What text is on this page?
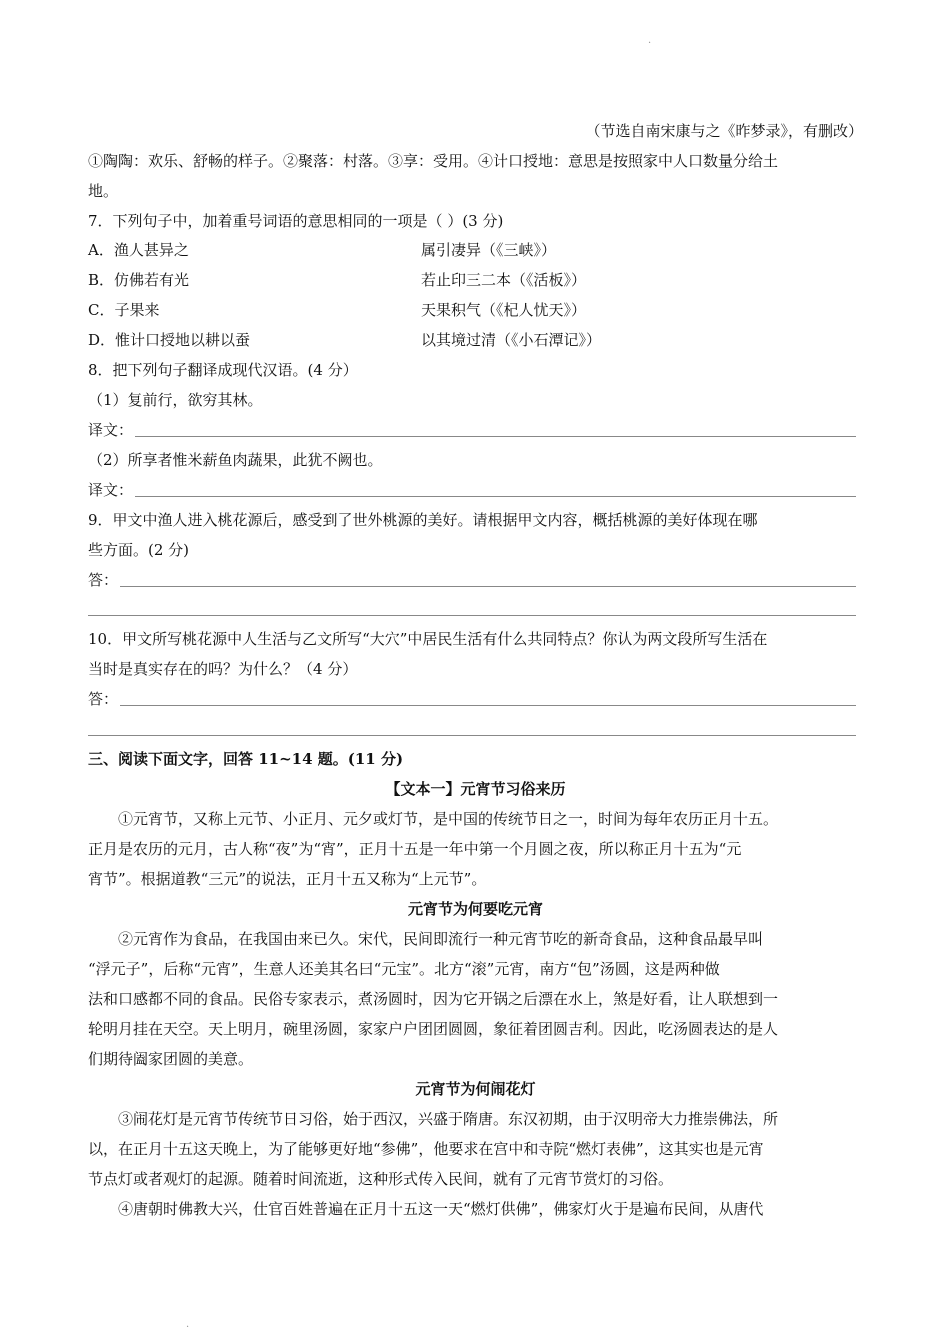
·
（节选自南宋康与之《昨梦录》，有删改）
①陶陶：欢乐、舒畅的样子。②聚落：村落。③享：受用。④计口授地：意思是按照家中人口数量分给土
地。
7．下列句子中，加着重号词语的意思相同的一项是（ ）(3 分)
A．渔人甚异之	属引凄异（《三峡》）
B．仿佛若有光	若止印三二本（《活板》）
C．子果来	天果积气（《杞人忧天》）
D．惟计口授地以耕以蚕	以其境过清（《小石潭记》）
8．把下列句子翻译成现代汉语。(4 分）
（1）复前行，欲穷其林。
译文：
（2）所享者惟米薪鱼肉蔬果，此犹不阙也。
译文：
9．甲文中渔人进入桃花源后，感受到了世外桃源的美好。请根据甲文内容，概括桃源的美好体现在哪
些方面。(2 分)
答：
10．甲文所写桃花源中人生活与乙文所写“大穴”中居民生活有什么共同特点？你认为两文段所写生活在
当时是真实存在的吗？为什么？（4 分）
答：
三、阅读下面文字，回答 11~14 题。(11 分)
【文本一】元宵节习俗来历
①元宵节，又称上元节、小正月、元夕或灯节，是中国的传统节日之一，时间为每年农历正月十五。
正月是农历的元月，古人称“夜”为“宵”，正月十五是一年中第一个月圆之夜，所以称正月十五为“元
宵节”。根据道教“三元”的说法，正月十五又称为“上元节”。
元宵节为何要吃元宵
②元宵作为食品，在我国由来已久。宋代，民间即流行一种元宵节吃的新奇食品，这种食品最早叫
“浮元子”，后称“元宵”，生意人还美其名曰“元宝”。北方“滚”元宵，南方“包”汤圆，这是两种做
法和口感都不同的食品。民俗专家表示，煮汤圆时，因为它开锅之后漂在水上，煞是好看，让人联想到一
轮明月挂在天空。天上明月，碗里汤圆，家家户户团团圆圆，象征着团圆吉利。因此，吃汤圆表达的是人
们期待阖家团圆的美意。
元宵节为何闹花灯
③闹花灯是元宵节传统节日习俗，始于西汉，兴盛于隋唐。东汉初期，由于汉明帝大力推崇佛法，所
以，在正月十五这天晚上，为了能够更好地“参佛”，他要求在宫中和寺院“燃灯表佛”，这其实也是元宵
节点灯或者观灯的起源。随着时间流逝，这种形式传入民间，就有了元宵节赏灯的习俗。
④唐朝时佛教大兴，仕官百姓普遍在正月十五这一天“燃灯供佛”，佛家灯火于是遍布民间，从唐代
·
